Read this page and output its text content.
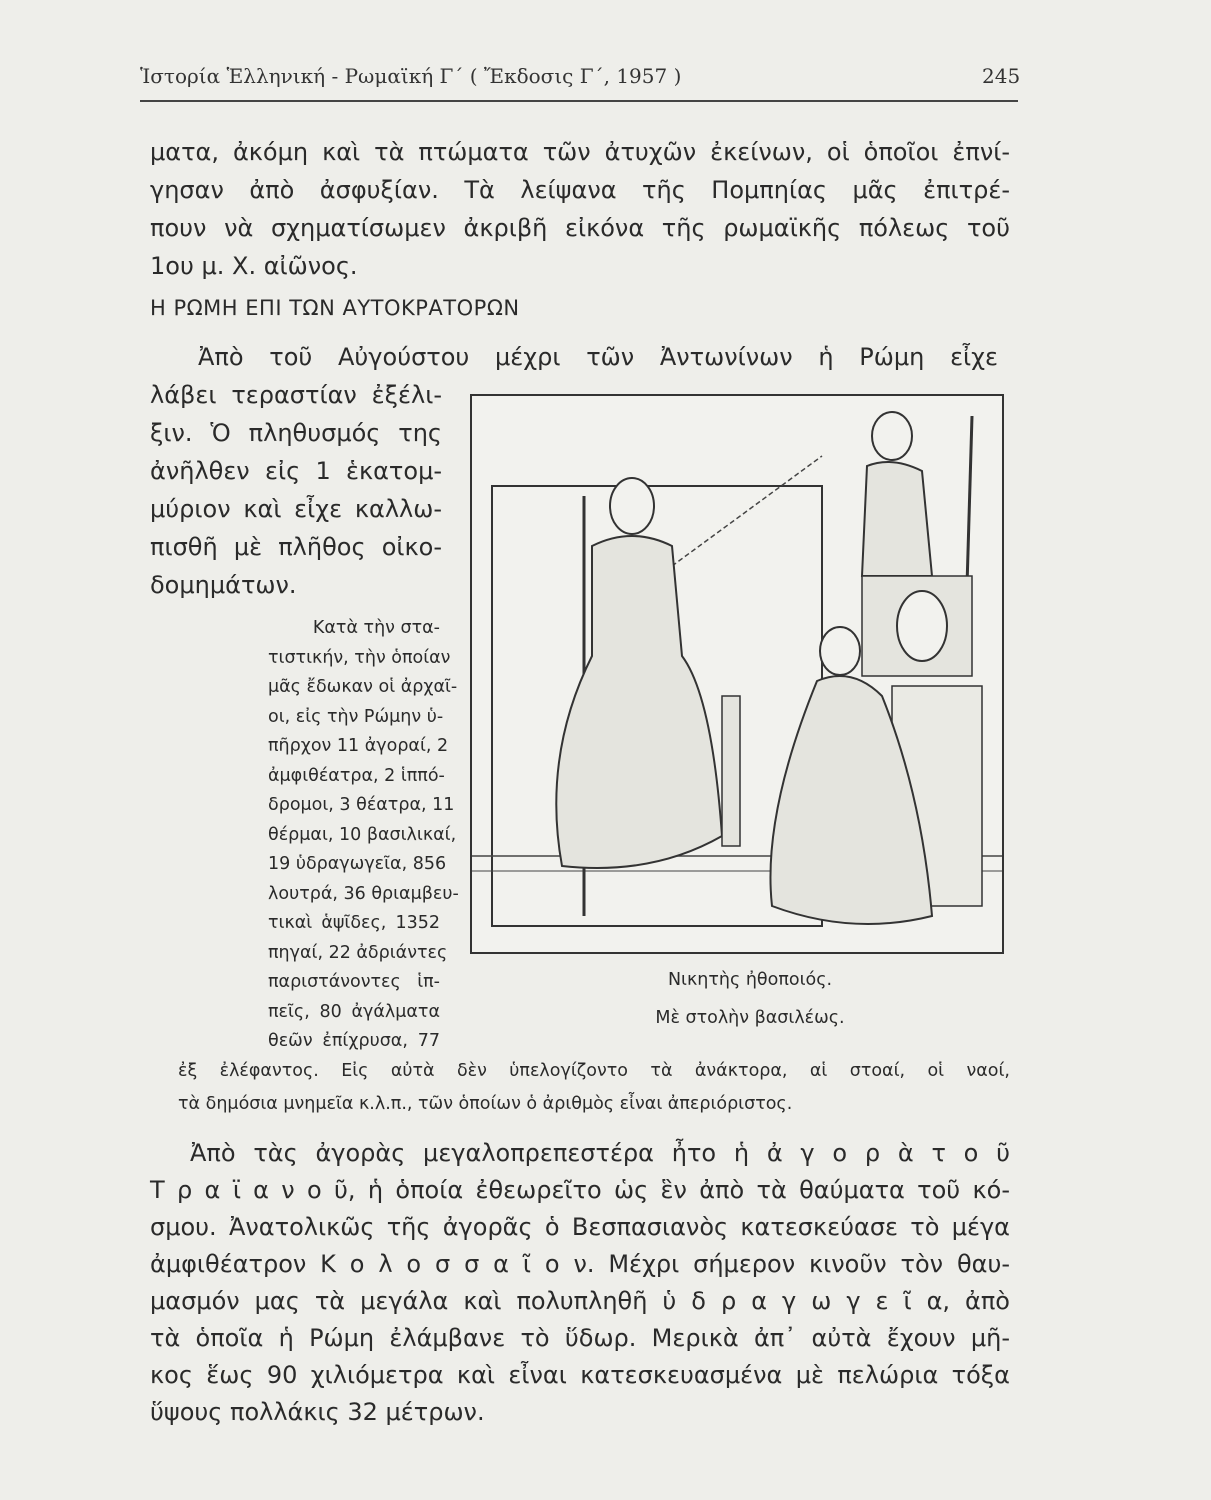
Ἱστορία Ἑλληνική - Ρωμαϊκή Γ΄ ( Ἔκδοσις Γ΄, 1957 )	245
ματα, ἀκόμη καὶ τὰ πτώματα τῶν ἀτυχῶν ἐκείνων, οἱ ὁποῖοι ἐπνί-
γησαν ἀπὸ ἀσφυξίαν. Τὰ λείψανα τῆς Πομπηίας μᾶς ἐπιτρέ-
πουν νὰ σχηματίσωμεν ἀκριβῆ εἰκόνα τῆς ρωμαϊκῆς πόλεως τοῦ
1ου μ. Χ. αἰῶνος.
Η ΡΩΜΗ ΕΠΙ ΤΩΝ ΑΥΤΟΚΡΑΤΟΡΩΝ
Ἀπὸ τοῦ Αὐγούστου μέχρι τῶν Ἀντωνίνων ἡ Ρώμη εἶχε
λάβει τεραστίαν ἐξέλι-
ξιν. Ὁ πληθυσμός της
ἀνῆλθεν εἰς 1 ἑκατομ-
μύριον καὶ εἶχε καλλω-
πισθῆ μὲ πλῆθος οἰκο-
δομημάτων.
Νικητὴς ἠθοποιός.
Μὲ στολὴν βασιλέως.
Κατὰ τὴν στα-
τιστικήν, τὴν ὁποίαν
μᾶς ἔδωκαν οἱ ἀρχαῖ-
οι, εἰς τὴν Ρώμην ὑ-
πῆρχον 11 ἀγοραί, 2
ἀμφιθέατρα, 2 ἱππό-
δρομοι, 3 θέατρα, 11
θέρμαι, 10 βασιλικαί,
19 ὑδραγωγεῖα, 856
λουτρά, 36 θριαμβευ-
τικαὶ ἁψῖδες, 1352
πηγαί, 22 ἀδριάντες
παριστάνοντες ἱπ-
πεῖς, 80 ἀγάλματα
θεῶν ἐπίχρυσα, 77
ἐξ ἐλέφαντος. Εἰς αὐτὰ δὲν ὑπελογίζοντο τὰ ἀνάκτορα, αἱ στοαί, οἱ ναοί,
τὰ δημόσια μνημεῖα κ.λ.π., τῶν ὁποίων ὁ ἀριθμὸς εἶναι ἀπεριόριστος.
Ἀπὸ τὰς ἀγορὰς μεγαλοπρεπεστέρα ἦτο ἡ ἀ γ ο ρ ὰ τ ο ῦ
Τ ρ α ϊ α ν ο ῦ, ἡ ὁποία ἐθεωρεῖτο ὡς ἓν ἀπὸ τὰ θαύματα τοῦ κό-
σμου. Ἀνατολικῶς τῆς ἀγορᾶς ὁ Βεσπασιανὸς κατεσκεύασε τὸ μέγα
ἀμφιθέατρον Κ ο λ ο σ σ α ῖ ο ν. Μέχρι σήμερον κινοῦν τὸν θαυ-
μασμόν μας τὰ μεγάλα καὶ πολυπληθῆ ὑ δ ρ α γ ω γ ε ῖ α, ἀπὸ
τὰ ὁποῖα ἡ Ρώμη ἐλάμβανε τὸ ὕδωρ. Μερικὰ ἀπ᾽ αὐτὰ ἔχουν μῆ-
κος ἕως 90 χιλιόμετρα καὶ εἶναι κατεσκευασμένα μὲ πελώρια τόξα
ὕψους πολλάκις 32 μέτρων.
